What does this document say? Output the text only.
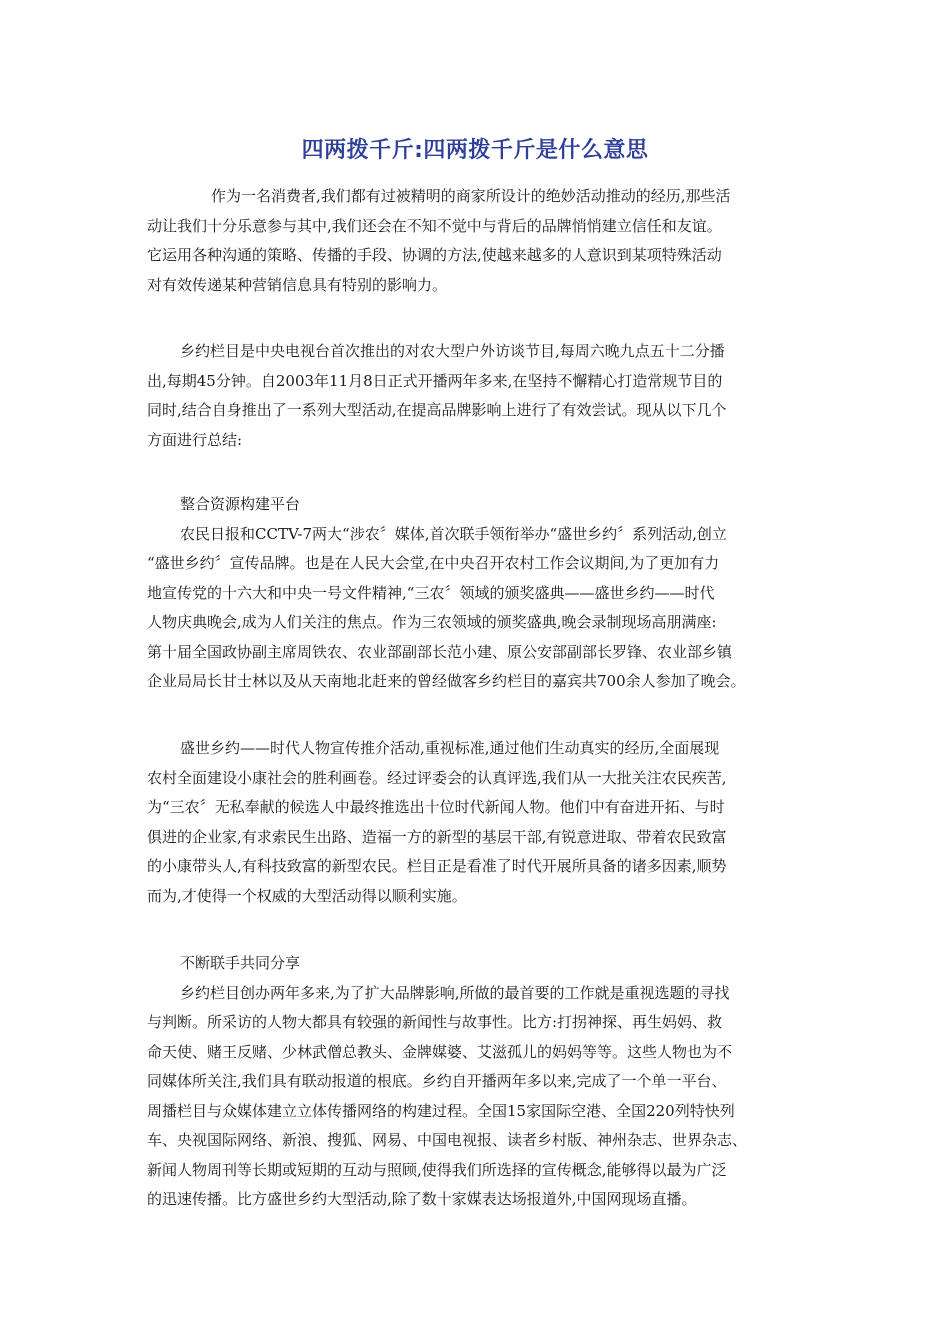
四两拨千斤:四两拨千斤是什么意思
作为一名消费者,我们都有过被精明的商家所设计的绝妙活动推动的经历,那些活
动让我们十分乐意参与其中,我们还会在不知不觉中与背后的品牌悄悄建立信任和友谊。
它运用各种沟通的策略、传播的手段、协调的方法,使越来越多的人意识到某项特殊活动
对有效传递某种营销信息具有特别的影响力。
乡约栏目是中央电视台首次推出的对农大型户外访谈节目,每周六晚九点五十二分播
出,每期45分钟。自2003年11月8日正式开播两年多来,在坚持不懈精心打造常规节目的
同时,结合自身推出了一系列大型活动,在提高品牌影响上进行了有效尝试。现从以下几个
方面进行总结:
整合资源构建平台
农民日报和CCTV-7两大“涉农〞媒体,首次联手领衔举办“盛世乡约〞系列活动,创立
“盛世乡约〞宣传品牌。也是在人民大会堂,在中央召开农村工作会议期间,为了更加有力
地宣传党的十六大和中央一号文件精神,“三农〞领域的颁奖盛典——盛世乡约——时代
人物庆典晚会,成为人们关注的焦点。作为三农领域的颁奖盛典,晚会录制现场高朋满座:
第十届全国政协副主席周铁农、农业部副部长范小建、原公安部副部长罗锋、农业部乡镇
企业局局长甘士林以及从天南地北赶来的曾经做客乡约栏目的嘉宾共700余人参加了晚会。
盛世乡约——时代人物宣传推介活动,重视标准,通过他们生动真实的经历,全面展现
农村全面建设小康社会的胜利画卷。经过评委会的认真评选,我们从一大批关注农民疾苦,
为“三农〞无私奉献的候选人中最终推选出十位时代新闻人物。他们中有奋进开拓、与时
俱进的企业家,有求索民生出路、造福一方的新型的基层干部,有锐意进取、带着农民致富
的小康带头人,有科技致富的新型农民。栏目正是看准了时代开展所具备的诸多因素,顺势
而为,才使得一个权威的大型活动得以顺利实施。
不断联手共同分享
乡约栏目创办两年多来,为了扩大品牌影响,所做的最首要的工作就是重视选题的寻找
与判断。所采访的人物大都具有较强的新闻性与故事性。比方:打拐神探、再生妈妈、救
命天使、赌王反赌、少林武僧总教头、金牌媒婆、艾滋孤儿的妈妈等等。这些人物也为不
同媒体所关注,我们具有联动报道的根底。乡约自开播两年多以来,完成了一个单一平台、
周播栏目与众媒体建立立体传播网络的构建过程。全国15家国际空港、全国220列特快列
车、央视国际网络、新浪、搜狐、网易、中国电视报、读者乡村版、神州杂志、世界杂志、
新闻人物周刊等长期或短期的互动与照顾,使得我们所选择的宣传概念,能够得以最为广泛
的迅速传播。比方盛世乡约大型活动,除了数十家媒表达场报道外,中国网现场直播。
